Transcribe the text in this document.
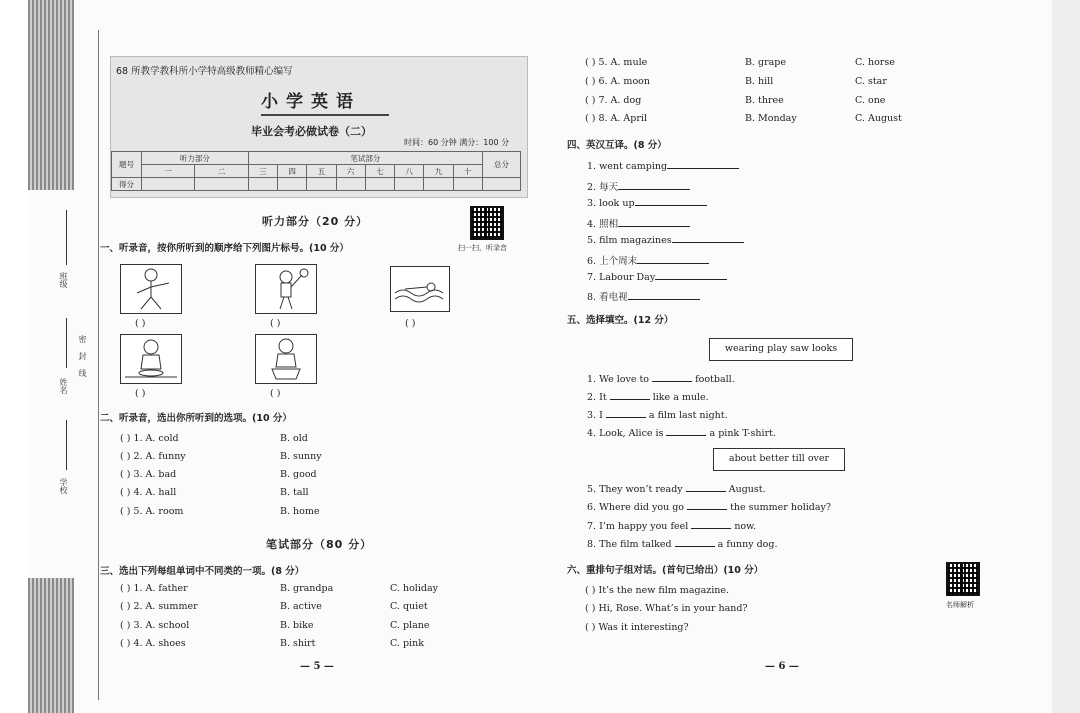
学校
姓名
班级
密
封
线
68 所教学教科所小学特高级教师精心编写
小学英语
毕业会考必做试卷（二）
时间：60 分钟 满分：100 分
题号	听力部分		笔试部分								总分
	一	二	三	四	五	六	七	八	九	十	
得分											
听力部分（20 分）
扫一扫，听录音
一、听录音，按你所听到的顺序给下列图片标号。(10 分）
( )	( )	( )
( )	( )
二、听录音，选出你所听到的选项。(10 分）
( ) 1. A. cold	B. old
( ) 2. A. funny	B. sunny
( ) 3. A. bad	B. good
( ) 4. A. hall	B. tall
( ) 5. A. room	B. home
笔试部分（80 分）
三、选出下列每组单词中不同类的一项。(8 分）
( ) 1. A. father	B. grandpa	C. holiday
( ) 2. A. summer	B. active	C. quiet
( ) 3. A. school	B. bike	C. plane
( ) 4. A. shoes	B. shirt	C. pink
— 5 —
( ) 5. A. mule	B. grape	C. horse
( ) 6. A. moon	B. hill	C. star
( ) 7. A. dog	B. three	C. one
( ) 8. A. April	B. Monday	C. August
四、英汉互译。(8 分）
1. went camping
2. 每天
3. look up
4. 照相
5. film magazines
6. 上个周末
7. Labour Day
8. 看电视
五、选择填空。(12 分）
wearing play saw looks
1. We love to	football.
2. It	like a mule.
3. I	a film last night.
4. Look, Alice is	a pink T-shirt.
about better till over
5. They won’t ready	August.
6. Where did you go	the summer holiday?
7. I’m happy you feel	now.
8. The film talked	a funny dog.
六、重排句子组对话。(首句已给出）(10 分）
( ) It’s the new film magazine.
( ) Hi, Rose. What’s in your hand?
( ) Was it interesting?
名师解析
— 6 —
